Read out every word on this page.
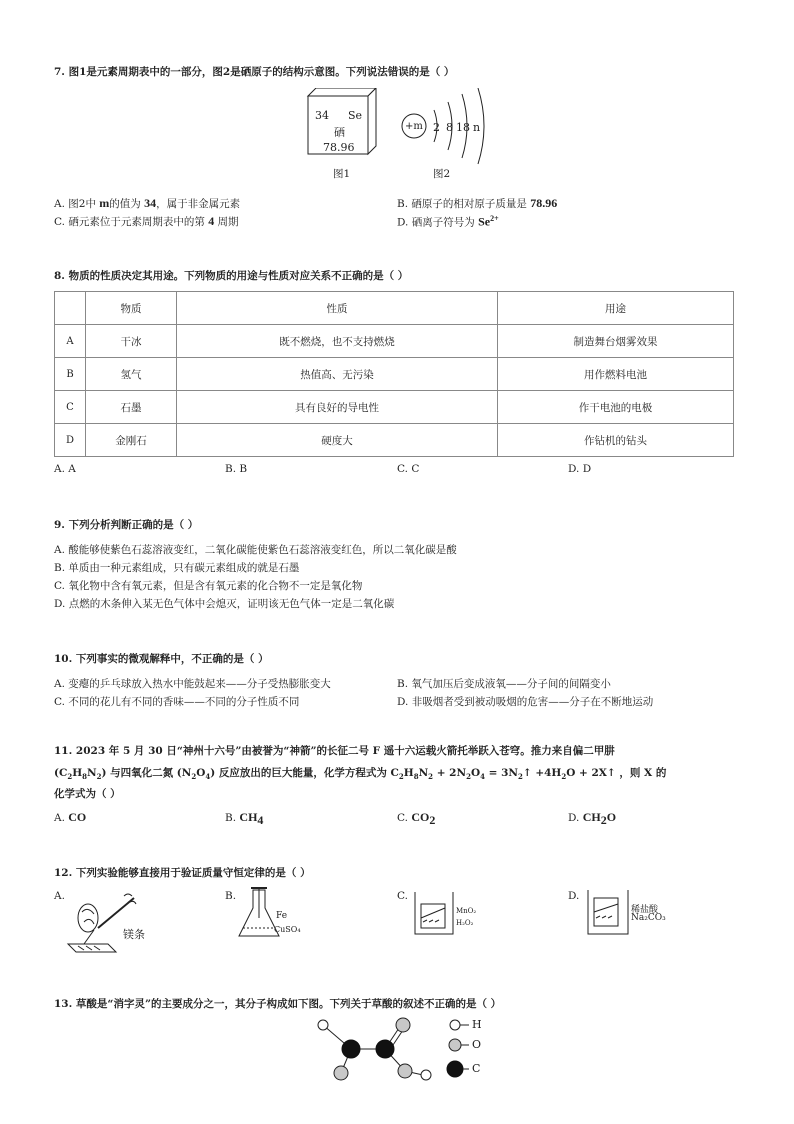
7. 图1是元素周期表中的一部分，图2是硒原子的结构示意图。下列说法错误的是（ ）
34 Se
硒
78.96
+m 2 8 18 n
图1	图2
A. 图2中 m的值为 34，属于非金属元素	B. 硒原子的相对原子质量是 78.96
C. 硒元素位于元素周期表中的第 4 周期	D. 硒离子符号为 $Se^{2+}$
8. 物质的性质决定其用途。下列物质的用途与性质对应关系不正确的是（ ）
	物质	性质	用途
A	干冰	既不燃烧，也不支持燃烧	制造舞台烟雾效果
B	氢气	热值高、无污染	用作燃料电池
C	石墨	具有良好的导电性	作干电池的电极
D	金刚石	硬度大	作钻机的钻头
A. A	B. B	C. C	D. D
9. 下列分析判断正确的是（ ）
A. 酸能够使紫色石蕊溶液变红，二氧化碳能使紫色石蕊溶液变红色，所以二氧化碳是酸
B. 单质由一种元素组成，只有碳元素组成的就是石墨
C. 氧化物中含有氧元素，但是含有氧元素的化合物不一定是氧化物
D. 点燃的木条伸入某无色气体中会熄灭，证明该无色气体一定是二氧化碳
10. 下列事实的微观解释中，不正确的是（ ）
A. 变瘪的乒乓球放入热水中能鼓起来——分子受热膨胀变大	B. 氧气加压后变成液氧——分子间的间隔变小
C. 不同的花儿有不同的香味——不同的分子性质不同	D. 非吸烟者受到被动吸烟的危害——分子在不断地运动
11. 2023 年 5 月 30 日“神州十六号”由被誉为“神箭”的长征二号 F 遥十六运载火箭托举跃入苍穹。推力来自偏二甲肼
$(C_2H_8N_2)$ 与四氧化二氮 $(N_2O_4)$ 反应放出的巨大能量，化学方程式为 $C_2H_8N_2 + 2N_2O_4$ = $3N_2↑ +4H_2O$ + 2X↑ ，则 X 的
化学式为（ ）
A. CO	B. $CH_4$	C. $CO_2$	D. $CH_2O$
12. 下列实验能够直接用于验证质量守恒定律的是（ ）
A.	B.	C.	D.
镁条
Fe
CuSO₄
MnO₂
H₂O₂
稀盐酸
Na₂CO₃
13. 草酸是“消字灵”的主要成分之一，其分子构成如下图。下列关于草酸的叙述不正确的是（ ）
H
O
C
